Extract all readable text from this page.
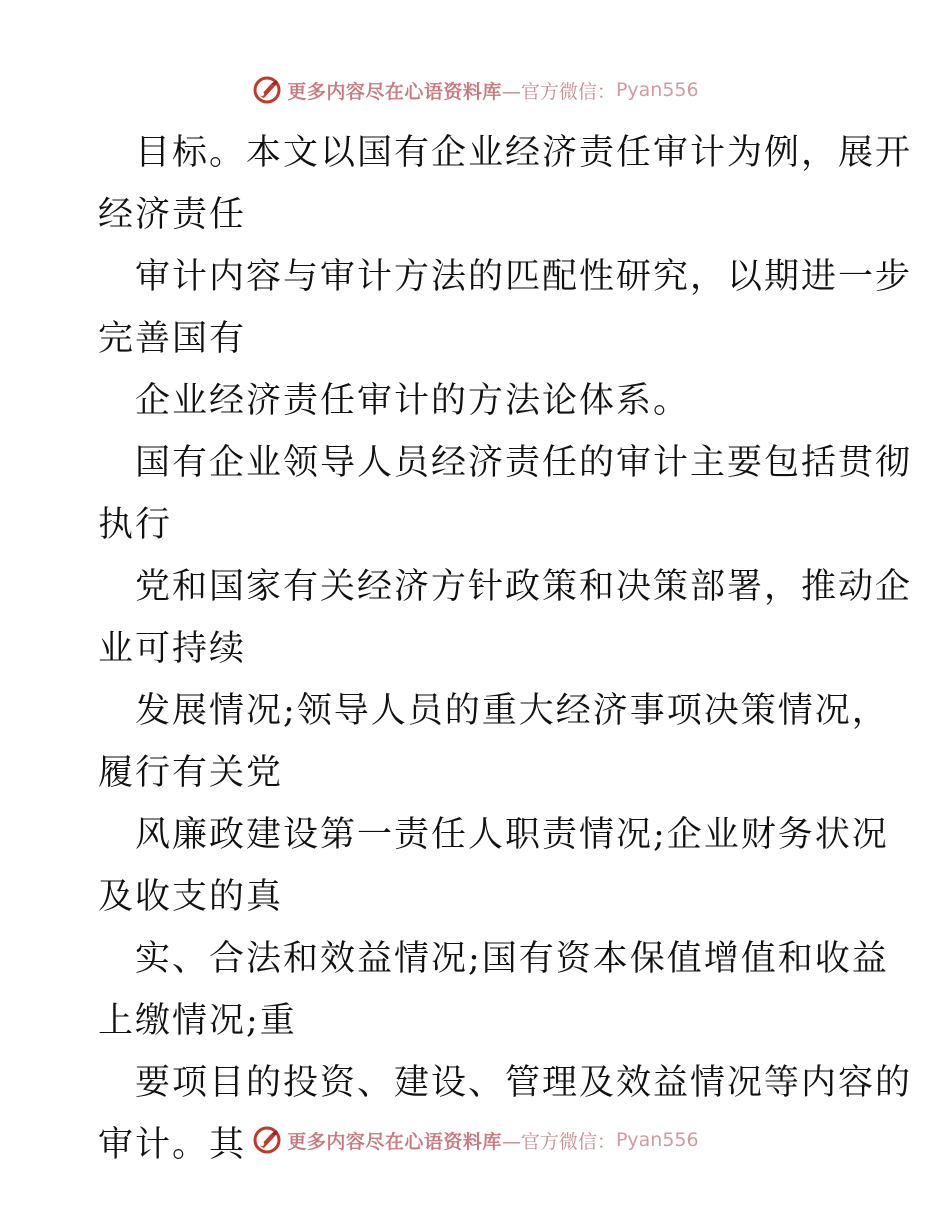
更多内容尽在心语资料库 —官方微信： Pyan556
目标。本文以国有企业经济责任审计为例，展开
经济责任
审计内容与审计方法的匹配性研究，以期进一步
完善国有
企业经济责任审计的方法论体系。
国有企业领导人员经济责任的审计主要包括贯彻
执行
党和国家有关经济方针政策和决策部署，推动企
业可持续
发展情况;领导人员的重大经济事项决策情况，
履行有关党
风廉政建设第一责任人职责情况;企业财务状况
及收支的真
实、合法和效益情况;国有资本保值增值和收益
上缴情况;重
要项目的投资、建设、管理及效益情况等内容的
审计。其	更多内容尽在心语资料库 —官方微信： Pyan556
